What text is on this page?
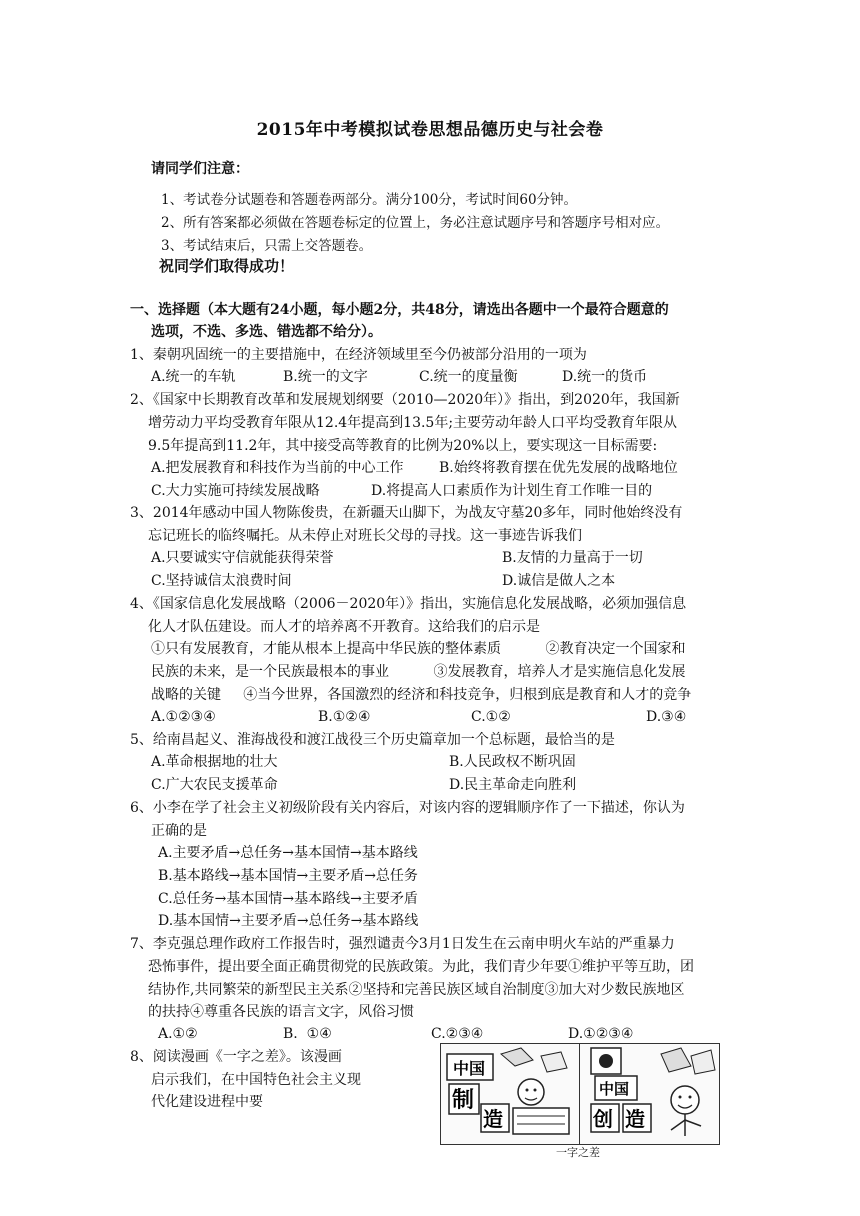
2015年中考模拟试卷思想品德历史与社会卷
请同学们注意：
1、考试卷分试题卷和答题卷两部分。满分100分，考试时间60分钟。
2、所有答案都必须做在答题卷标定的位置上，务必注意试题序号和答题序号相对应。
3、考试结束后，只需上交答题卷。
祝同学们取得成功！
一、选择题（本大题有24小题，每小题2分，共48分，请选出各题中一个最符合题意的
选项，不选、多选、错选都不给分）。
1、秦朝巩固统一的主要措施中，在经济领域里至今仍被部分沿用的一项为
A.统一的车轨	B.统一的文字	C.统一的度量衡	D.统一的货币
2、《国家中长期教育改革和发展规划纲要（2010—2020年）》指出，到2020年，我国新
增劳动力平均受教育年限从12.4年提高到13.5年;主要劳动年龄人口平均受教育年限从
9.5年提高到11.2年，其中接受高等教育的比例为20%以上，要实现这一目标需要:
A.把发展教育和科技作为当前的中心工作	B.始终将教育摆在优先发展的战略地位
C.大力实施可持续发展战略	D.将提高人口素质作为计划生育工作唯一目的
3、2014年感动中国人物陈俊贵，在新疆天山脚下，为战友守墓20多年，同时他始终没有
忘记班长的临终嘱托。从未停止对班长父母的寻找。这一事迹告诉我们
A.只要诚实守信就能获得荣誉	B.友情的力量高于一切
C.坚持诚信太浪费时间	D.诚信是做人之本
4、《国家信息化发展战略（2006－2020年）》指出，实施信息化发展战略，必须加强信息
化人才队伍建设。而人才的培养离不开教育。这给我们的启示是
①只有发展教育，才能从根本上提高中华民族的整体素质          ②教育决定一个国家和
民族的未来，是一个民族最根本的事业          ③发展教育，培养人才是实施信息化发展
战略的关键     ④当今世界，各国激烈的经济和科技竞争，归根到底是教育和人才的竞争
A.①②③④	B.①②④	C.①②	D.③④
5、给南昌起义、淮海战役和渡江战役三个历史篇章加一个总标题，最恰当的是
A.革命根据地的壮大	B.人民政权不断巩固
C.广大农民支援革命	D.民主革命走向胜利
6、小李在学了社会主义初级阶段有关内容后，对该内容的逻辑顺序作了一下描述，你认为
正确的是
A.主要矛盾→总任务→基本国情→基本路线
B.基本路线→基本国情→主要矛盾→总任务
C.总任务→基本国情→基本路线→主要矛盾
D.基本国情→主要矛盾→总任务→基本路线
7、李克强总理作政府工作报告时，强烈谴责今3月1日发生在云南申明火车站的严重暴力
恐怖事件，提出要全面正确贯彻党的民族政策。为此，我们青少年要①维护平等互助，团
结协作,共同繁荣的新型民主关系②坚持和完善民族区域自治制度③加大对少数民族地区
的扶持④尊重各民族的语言文字，风俗习惯
A.①②	B.  ①④	C.②③④	D.①②③④
8、阅读漫画《一字之差》。该漫画
启示我们，在中国特色社会主义现
代化建设进程中要
中国
制
造
中国
创 造
一字之差
